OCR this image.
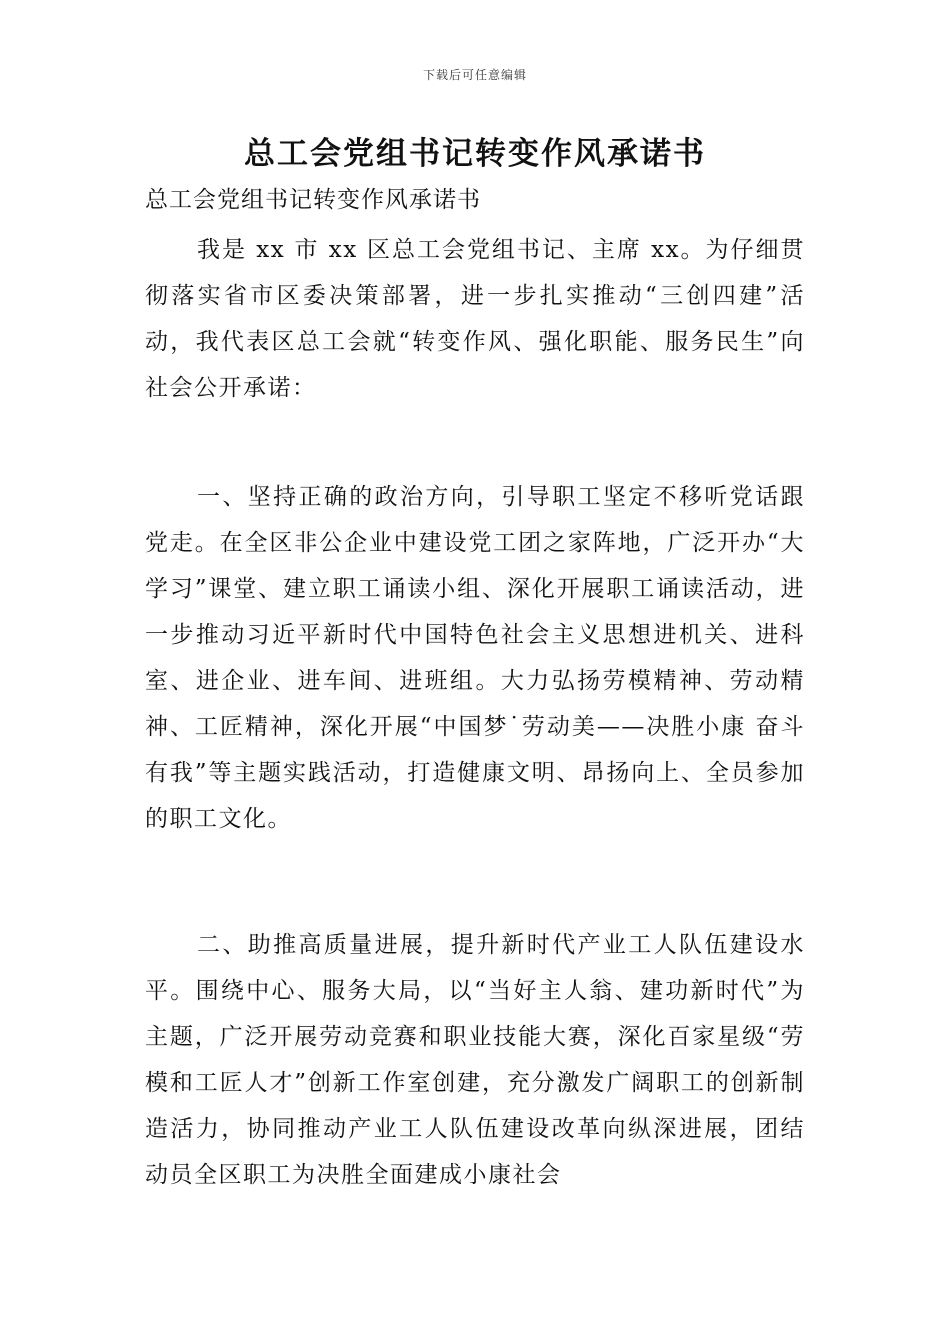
下载后可任意编辑
总工会党组书记转变作风承诺书
总工会党组书记转变作风承诺书

我是 xx 市 xx 区总工会党组书记、主席 xx。为仔细贯彻落实省市区委决策部署，进一步扎实推动“三创四建”活动，我代表区总工会就“转变作风、强化职能、服务民生”向社会公开承诺：

一、坚持正确的政治方向，引导职工坚定不移听党话跟党走。在全区非公企业中建设党工团之家阵地，广泛开办“大学习”课堂、建立职工诵读小组、深化开展职工诵读活动，进一步推动习近平新时代中国特色社会主义思想进机关、进科室、进企业、进车间、进班组。大力弘扬劳模精神、劳动精神、工匠精神，深化开展“中国梦˙劳动美——决胜小康 奋斗有我”等主题实践活动，打造健康文明、昂扬向上、全员参加的职工文化。

二、助推高质量进展，提升新时代产业工人队伍建设水平。围绕中心、服务大局，以“当好主人翁、建功新时代”为主题，广泛开展劳动竞赛和职业技能大赛，深化百家星级“劳模和工匠人才”创新工作室创建，充分激发广阔职工的创新制造活力，协同推动产业工人队伍建设改革向纵深进展，团结动员全区职工为决胜全面建成小康社会
